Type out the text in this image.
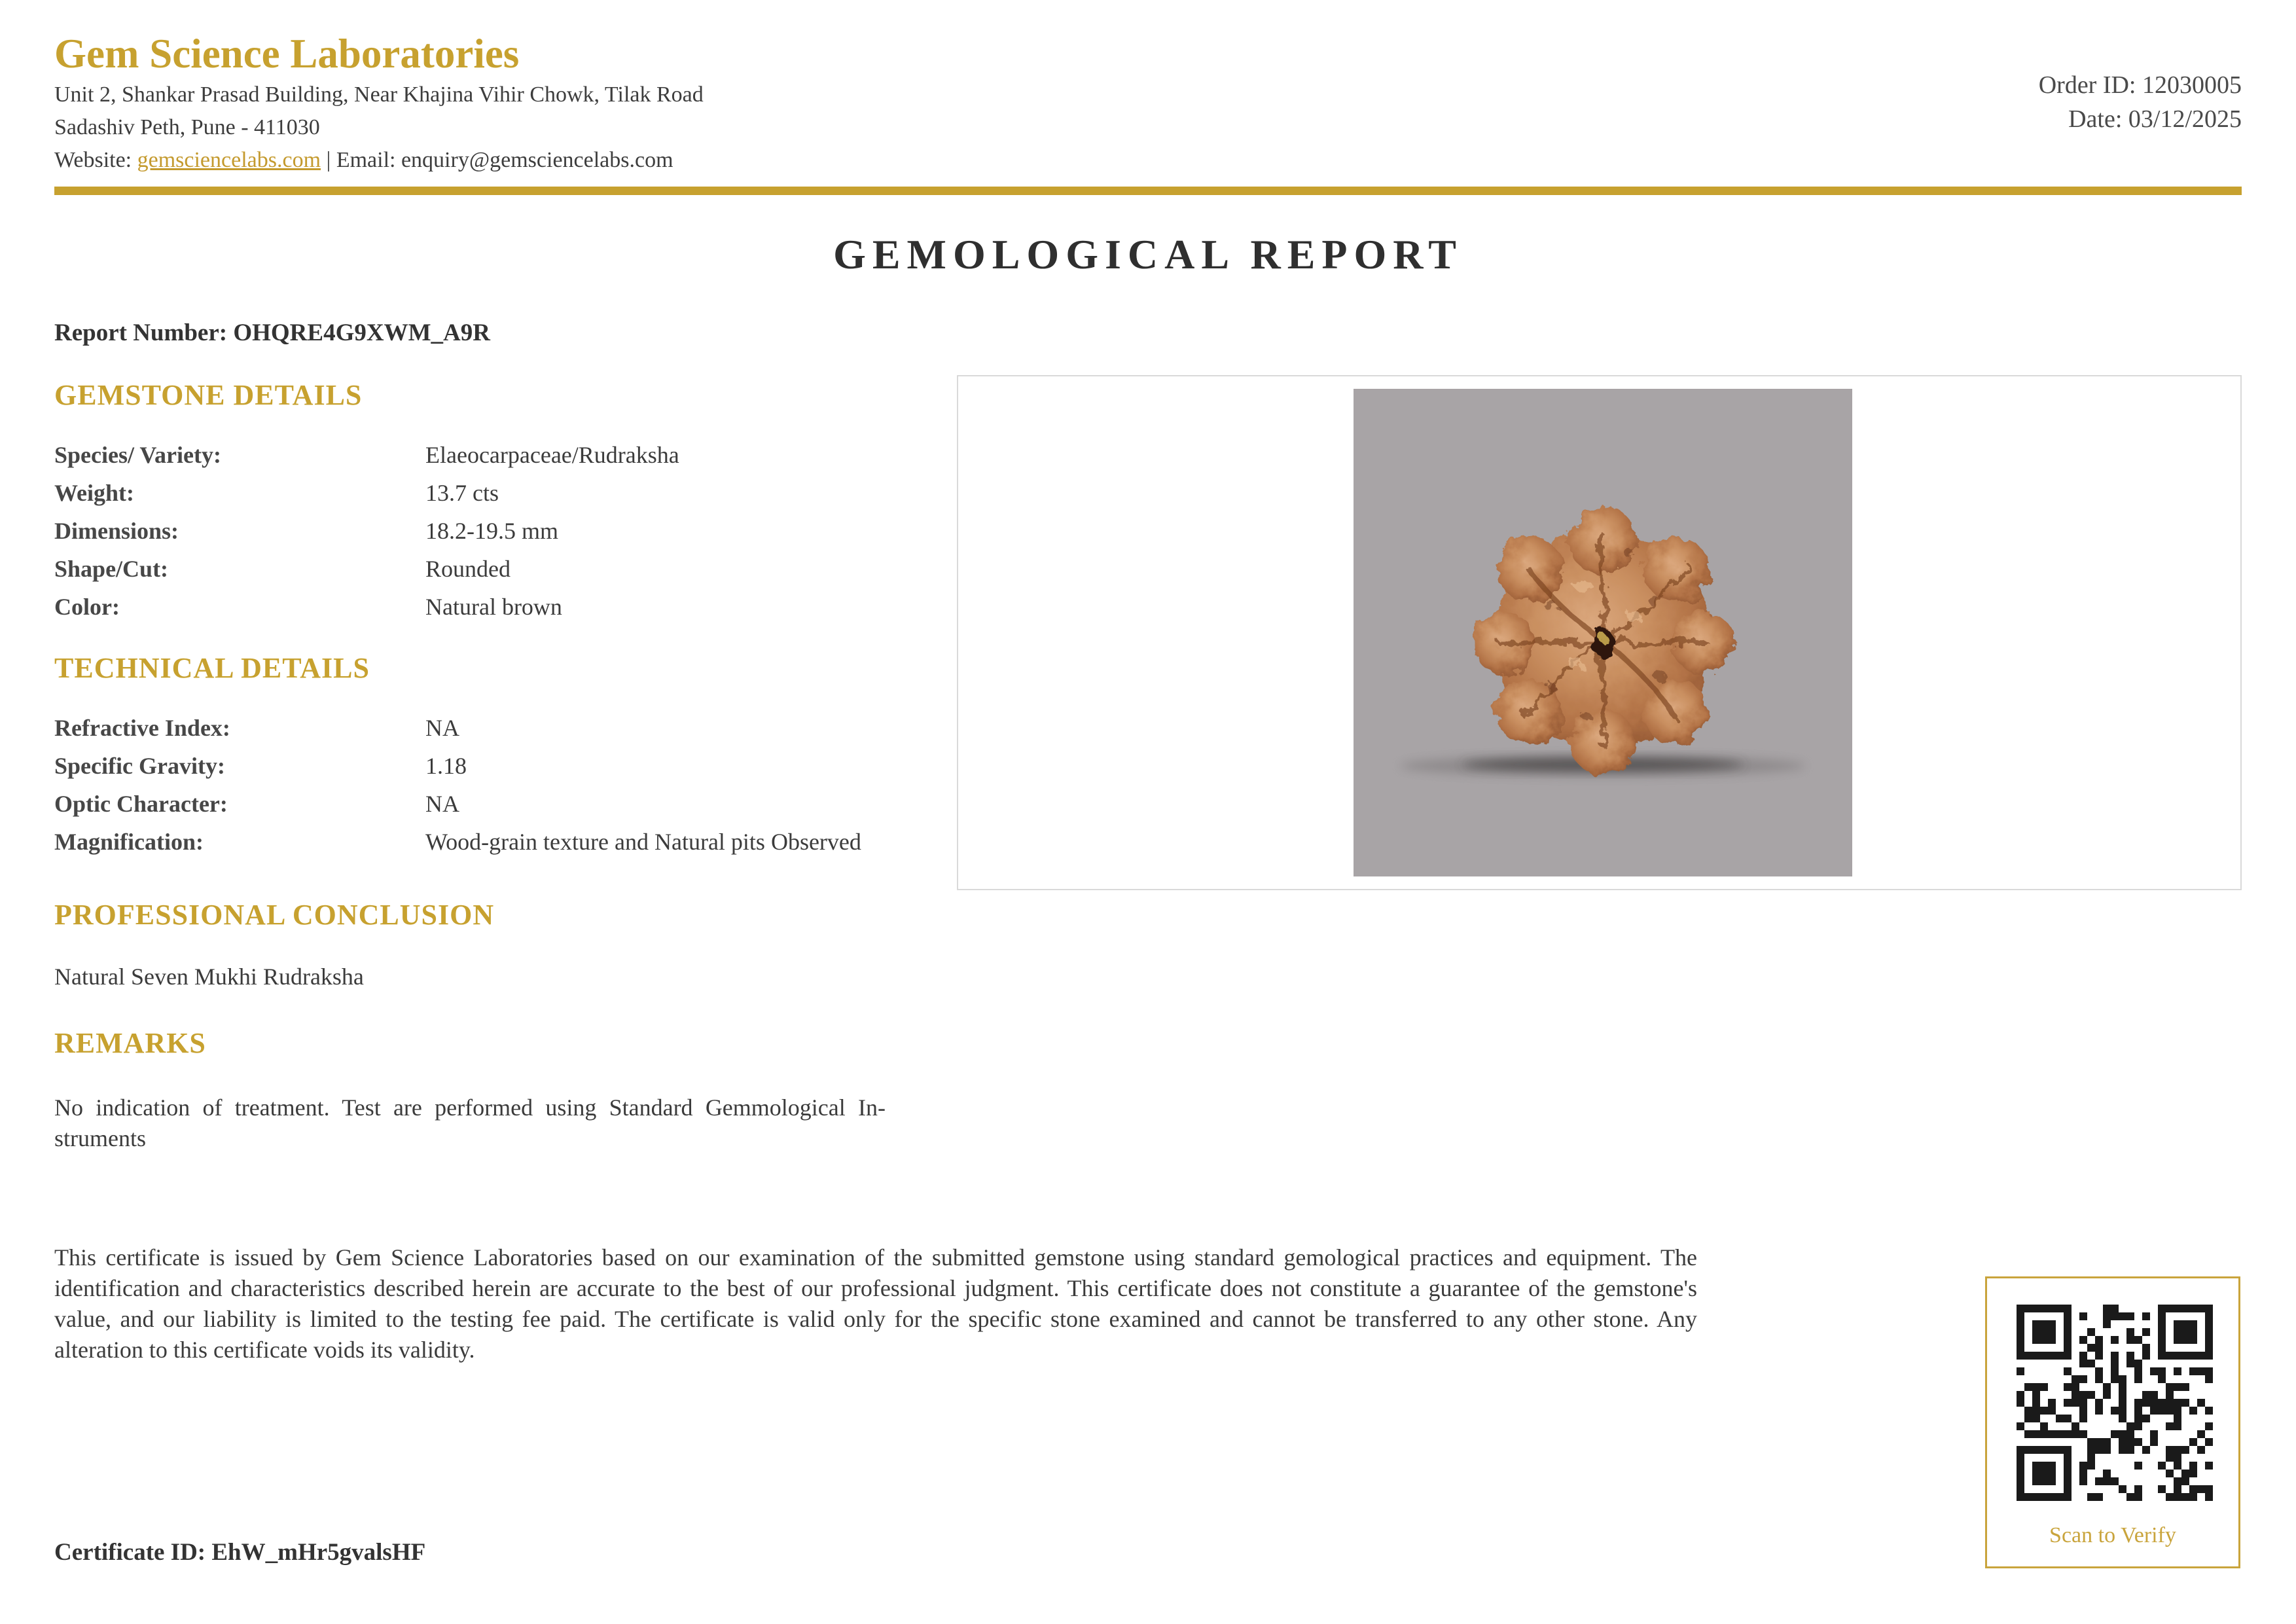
Gem Science Laboratories
Unit 2, Shankar Prasad Building, Near Khajina Vihir Chowk, Tilak Road
Sadashiv Peth, Pune - 411030
Website: gemsciencelabs.com | Email: enquiry@gemsciencelabs.com
Order ID: 12030005
Date: 03/12/2025
GEMOLOGICAL REPORT
Report Number: OHQRE4G9XWM_A9R
GEMSTONE DETAILS
Species/ Variety:	Elaeocarpaceae/Rudraksha
Weight:	13.7 cts
Dimensions:	18.2-19.5 mm
Shape/Cut:	Rounded
Color:	Natural brown
TECHNICAL DETAILS
Refractive Index:	NA
Specific Gravity:	1.18
Optic Character:	NA
Magnification:	Wood-grain texture and Natural pits Observed
PROFESSIONAL CONCLUSION
Natural Seven Mukhi Rudraksha
REMARKS
No indication of treatment. Test are performed using Standard Gemmological Instruments
This certificate is issued by Gem Science Laboratories based on our examination of the submitted gemstone using standard gemological practices and equipment. The identification and characteristics described herein are accurate to the best of our professional judgment. This certificate does not constitute a guarantee of the gemstone's value, and our liability is limited to the testing fee paid. The certificate is valid only for the specific stone examined and cannot be transferred to any other stone. Any alteration to this certificate voids its validity.
Scan to Verify
Certificate ID: EhW_mHr5gvalsHF
